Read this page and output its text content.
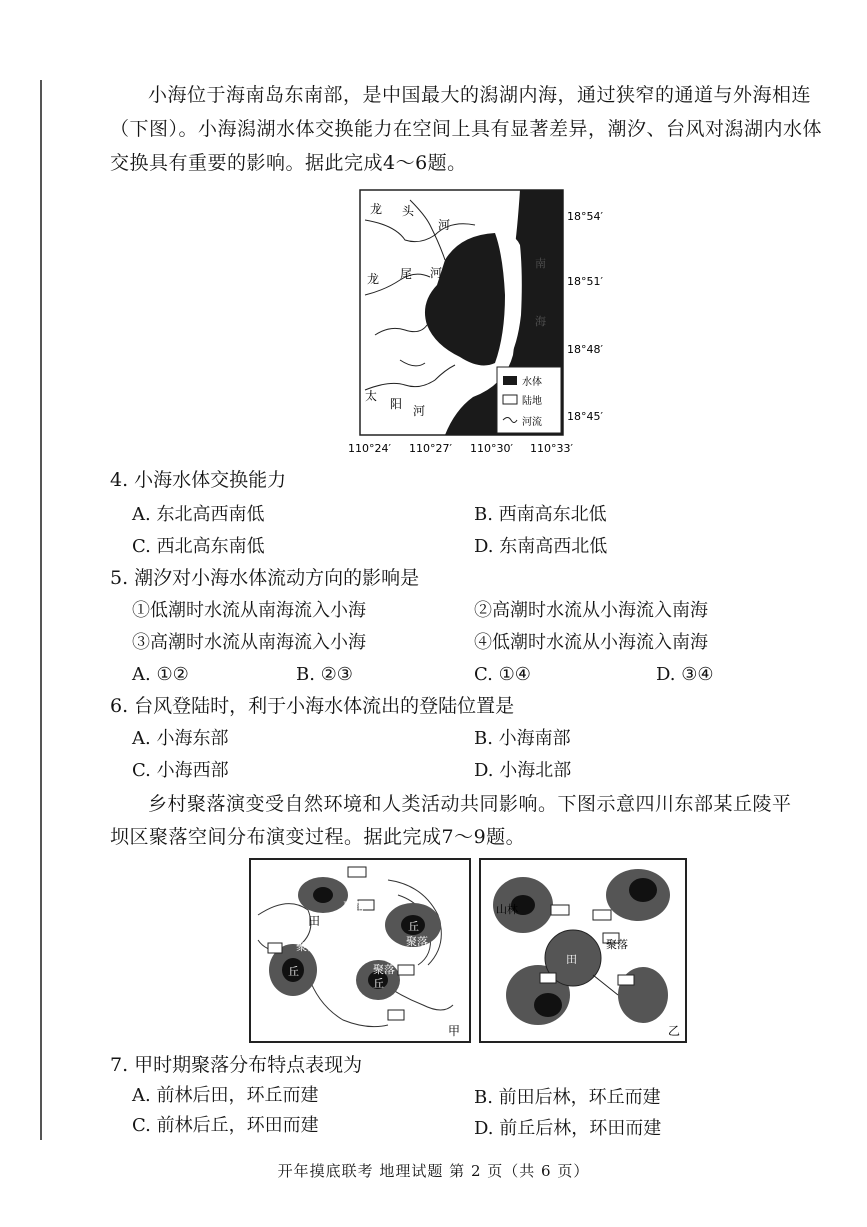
小海位于海南岛东南部，是中国最大的潟湖内海，通过狭窄的通道与外海相连
（下图）。小海潟湖水体交换能力在空间上具有显著差异，潮汐、台风对潟湖内水体
交换具有重要的影响。据此完成4～6题。
龙 头
河
龙 尾 河
太
阳 河
南
海
水体
陆地
河流
18°54′
18°51′
18°48′
18°45′
110°24′ 110°27′ 110°30′ 110°33′
4. 小海水体交换能力
A. 东北高西南低	B. 西南高东北低
C. 西北高东南低	D. 东南高西北低
5. 潮汐对小海水体流动方向的影响是
①低潮时水流从南海流入小海	②高潮时水流从小海流入南海
③高潮时水流从南海流入小海	④低潮时水流从小海流入南海
A. ①②	B. ②③	C. ①④	D. ③④
6. 台风登陆时，利于小海水体流出的登陆位置是
A. 小海东部	B. 小海南部
C. 小海西部	D. 小海北部
乡村聚落演变受自然环境和人类活动共同影响。下图示意四川东部某丘陵平
坝区聚落空间分布演变过程。据此完成7～9题。
田
聚落
聚落
聚落
聚落
丘
丘
丘
甲
山林
田
聚落
乙
7. 甲时期聚落分布特点表现为
A. 前林后田，环丘而建	B. 前田后林，环丘而建
C. 前林后丘，环田而建	D. 前丘后林，环田而建
开年摸底联考 地理试题 第 2 页（共 6 页）
